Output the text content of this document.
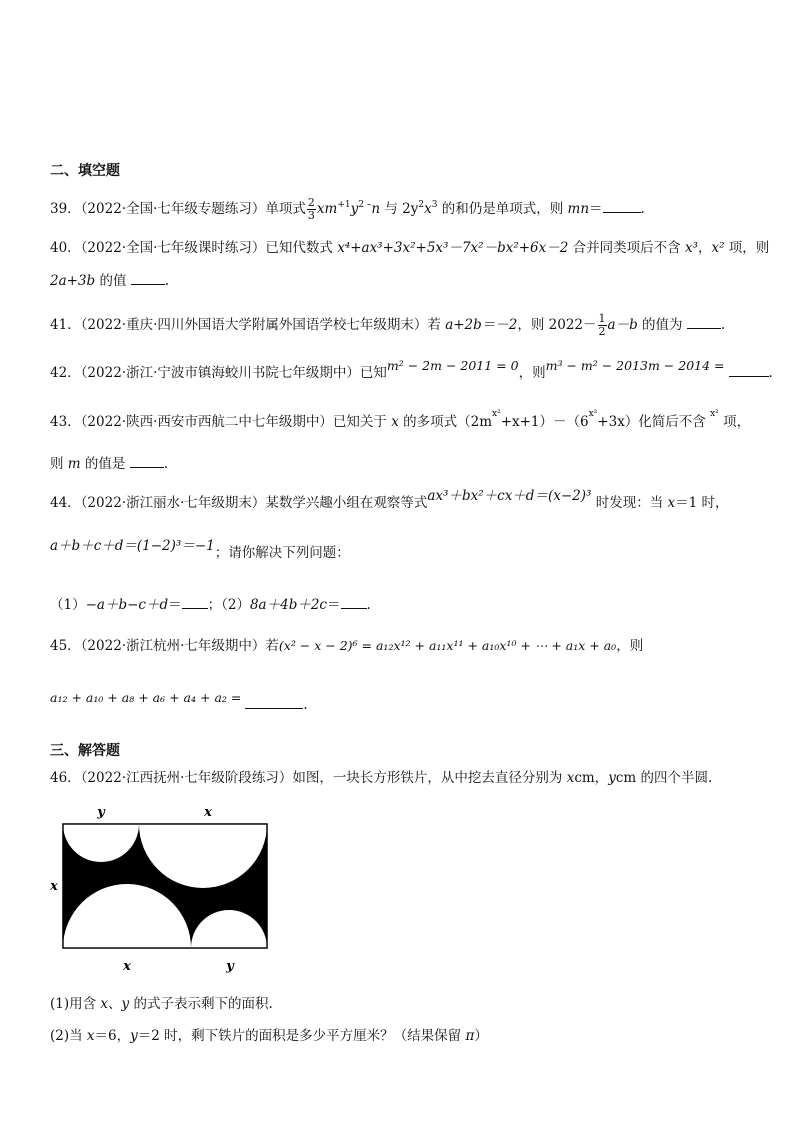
二、填空题
39．（2022·全国·七年级专题练习）单项式 $\frac{2}{3} xm^{+1}y^{2 -}n$ 与 $2y^2x^3$ 的和仍是单项式，则 mn＝	.
40．（2022·全国·七年级课时练习）已知代数式 x⁴+ax³+3x²+5x³－7x²－bx²+6x－2 合并同类项后不含 x³，x² 项，则
2a+3b 的值	.
41．（2022·重庆·四川外国语大学附属外国语学校七年级期末）若 a+2b＝－2，则 $2022- \frac{1}{2} a-b$ 的值为	.
42．（2022·浙江·宁波市镇海蛟川书院七年级期中）已知m² − 2m − 2011 = 0，则m³ − m² − 2013m − 2014 =	.
43．（2022·陕西·西安市西航二中七年级期中）已知关于 x 的多项式$(2m^{x^2}+x+1)-(6^{x^2}+3x)$化简后不含 $^{x^2}$ 项，
则 m 的值是	.
44．（2022·浙江丽水·七年级期末）某数学兴趣小组在观察等式ax³＋bx²＋cx＋d＝(x−2)³ 时发现：当 x＝1 时，
a＋b＋c＋d＝(1−2)³＝−1；请你解决下列问题：
（1）−a＋b−c＋d＝ ；（2）8a＋4b＋2c＝ .
45．（2022·浙江杭州·七年级期中）若(x² − x − 2)⁶ = a₁₂x¹² + a₁₁x¹¹ + a₁₀x¹⁰ + ⋯ + a₁x + a₀，则
a₁₂ + a₁₀ + a₈ + a₆ + a₄ + a₂ =	.
三、解答题
46．（2022·江西抚州·七年级阶段练习）如图，一块长方形铁片，从中挖去直径分别为 xcm，ycm 的四个半圆.
y	x
x
x	y
(1)用含 x、y 的式子表示剩下的面积.
(2)当 x＝6，y＝2 时，剩下铁片的面积是多少平方厘米？（结果保留 π）
